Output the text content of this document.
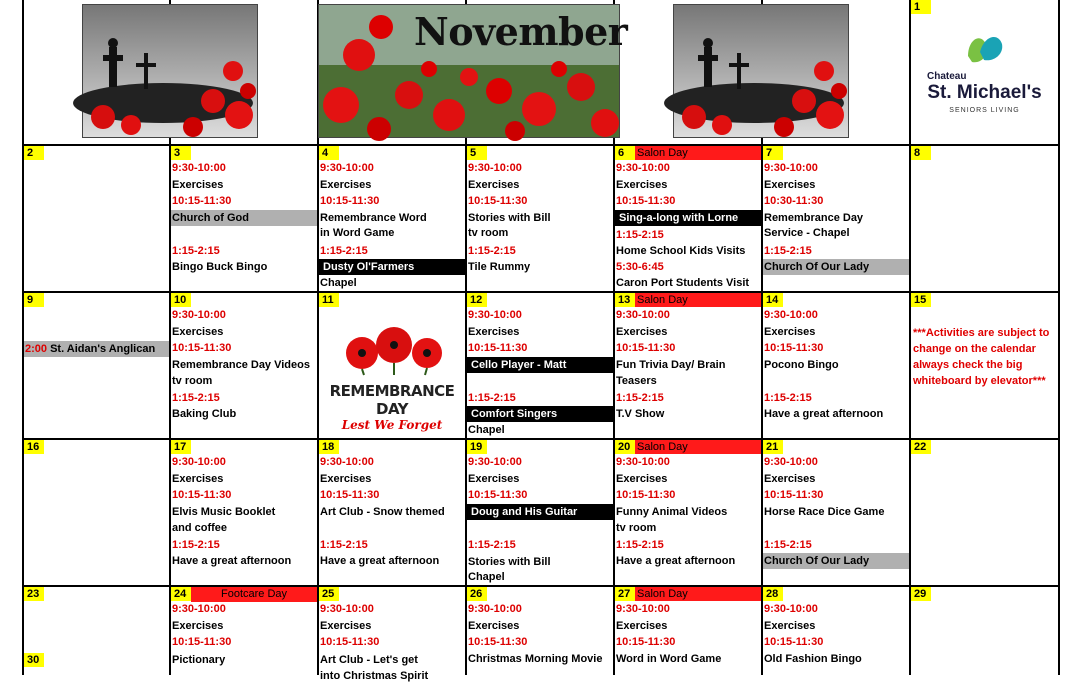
November
1
Chateau
St. Michael's
SENIORS LIVING
2	3
9:30-10:00
Exercises
10:15-11:30
Church of God
1:15-2:15
Bingo Buck Bingo
4
9:30-10:00
Exercises
10:15-11:30
Remembrance Word
in Word Game
1:15-2:15
Dusty Ol'Farmers
Chapel
5
9:30-10:00
Exercises
10:15-11:30
Stories with Bill
tv room
1:15-2:15
Tile Rummy
Salon Day
6
9:30-10:00
Exercises
10:15-11:30
Sing-a-long with Lorne
1:15-2:15
Home School Kids Visits
5:30-6:45
Caron Port Students Visit
7
9:30-10:00
Exercises
10:30-11:30
Remembrance Day
Service - Chapel
1:15-2:15
Church Of Our Lady
8
9
2:00 St. Aidan's Anglican
10
9:30-10:00
Exercises
10:15-11:30
Remembrance Day Videos
tv room
1:15-2:15
Baking Club
11
REMEMBRANCE DAY
Lest We Forget
12
9:30-10:00
Exercises
10:15-11:30
Cello Player - Matt
1:15-2:15
Comfort Singers
Chapel
Salon Day
13
9:30-10:00
Exercises
10:15-11:30
Fun Trivia Day/ Brain
Teasers
1:15-2:15
T.V Show
14
9:30-10:00
Exercises
10:15-11:30
Pocono Bingo
1:15-2:15
Have a great afternoon
15
***Activities are subject to change on the calendar always check the big whiteboard by elevator***
16	17
9:30-10:00
Exercises
10:15-11:30
Elvis Music Booklet
and coffee
1:15-2:15
Have a great afternoon
18
9:30-10:00
Exercises
10:15-11:30
Art Club - Snow themed
1:15-2:15
Have a great afternoon
19
9:30-10:00
Exercises
10:15-11:30
Doug and His Guitar
1:15-2:15
Stories with Bill
Chapel
Salon Day
20
9:30-10:00
Exercises
10:15-11:30
Funny Animal Videos
tv room
1:15-2:15
Have a great afternoon
21
9:30-10:00
Exercises
10:15-11:30
Horse Race Dice Game
1:15-2:15
Church Of Our Lady
22
23
30
Footcare Day
24
9:30-10:00
Exercises
10:15-11:30
Pictionary
25
9:30-10:00
Exercises
10:15-11:30
Art Club - Let's get
into Christmas Spirit
26
9:30-10:00
Exercises
10:15-11:30
Christmas Morning Movie
Salon Day
27
9:30-10:00
Exercises
10:15-11:30
Word in Word Game
28
9:30-10:00
Exercises
10:15-11:30
Old Fashion Bingo
29
